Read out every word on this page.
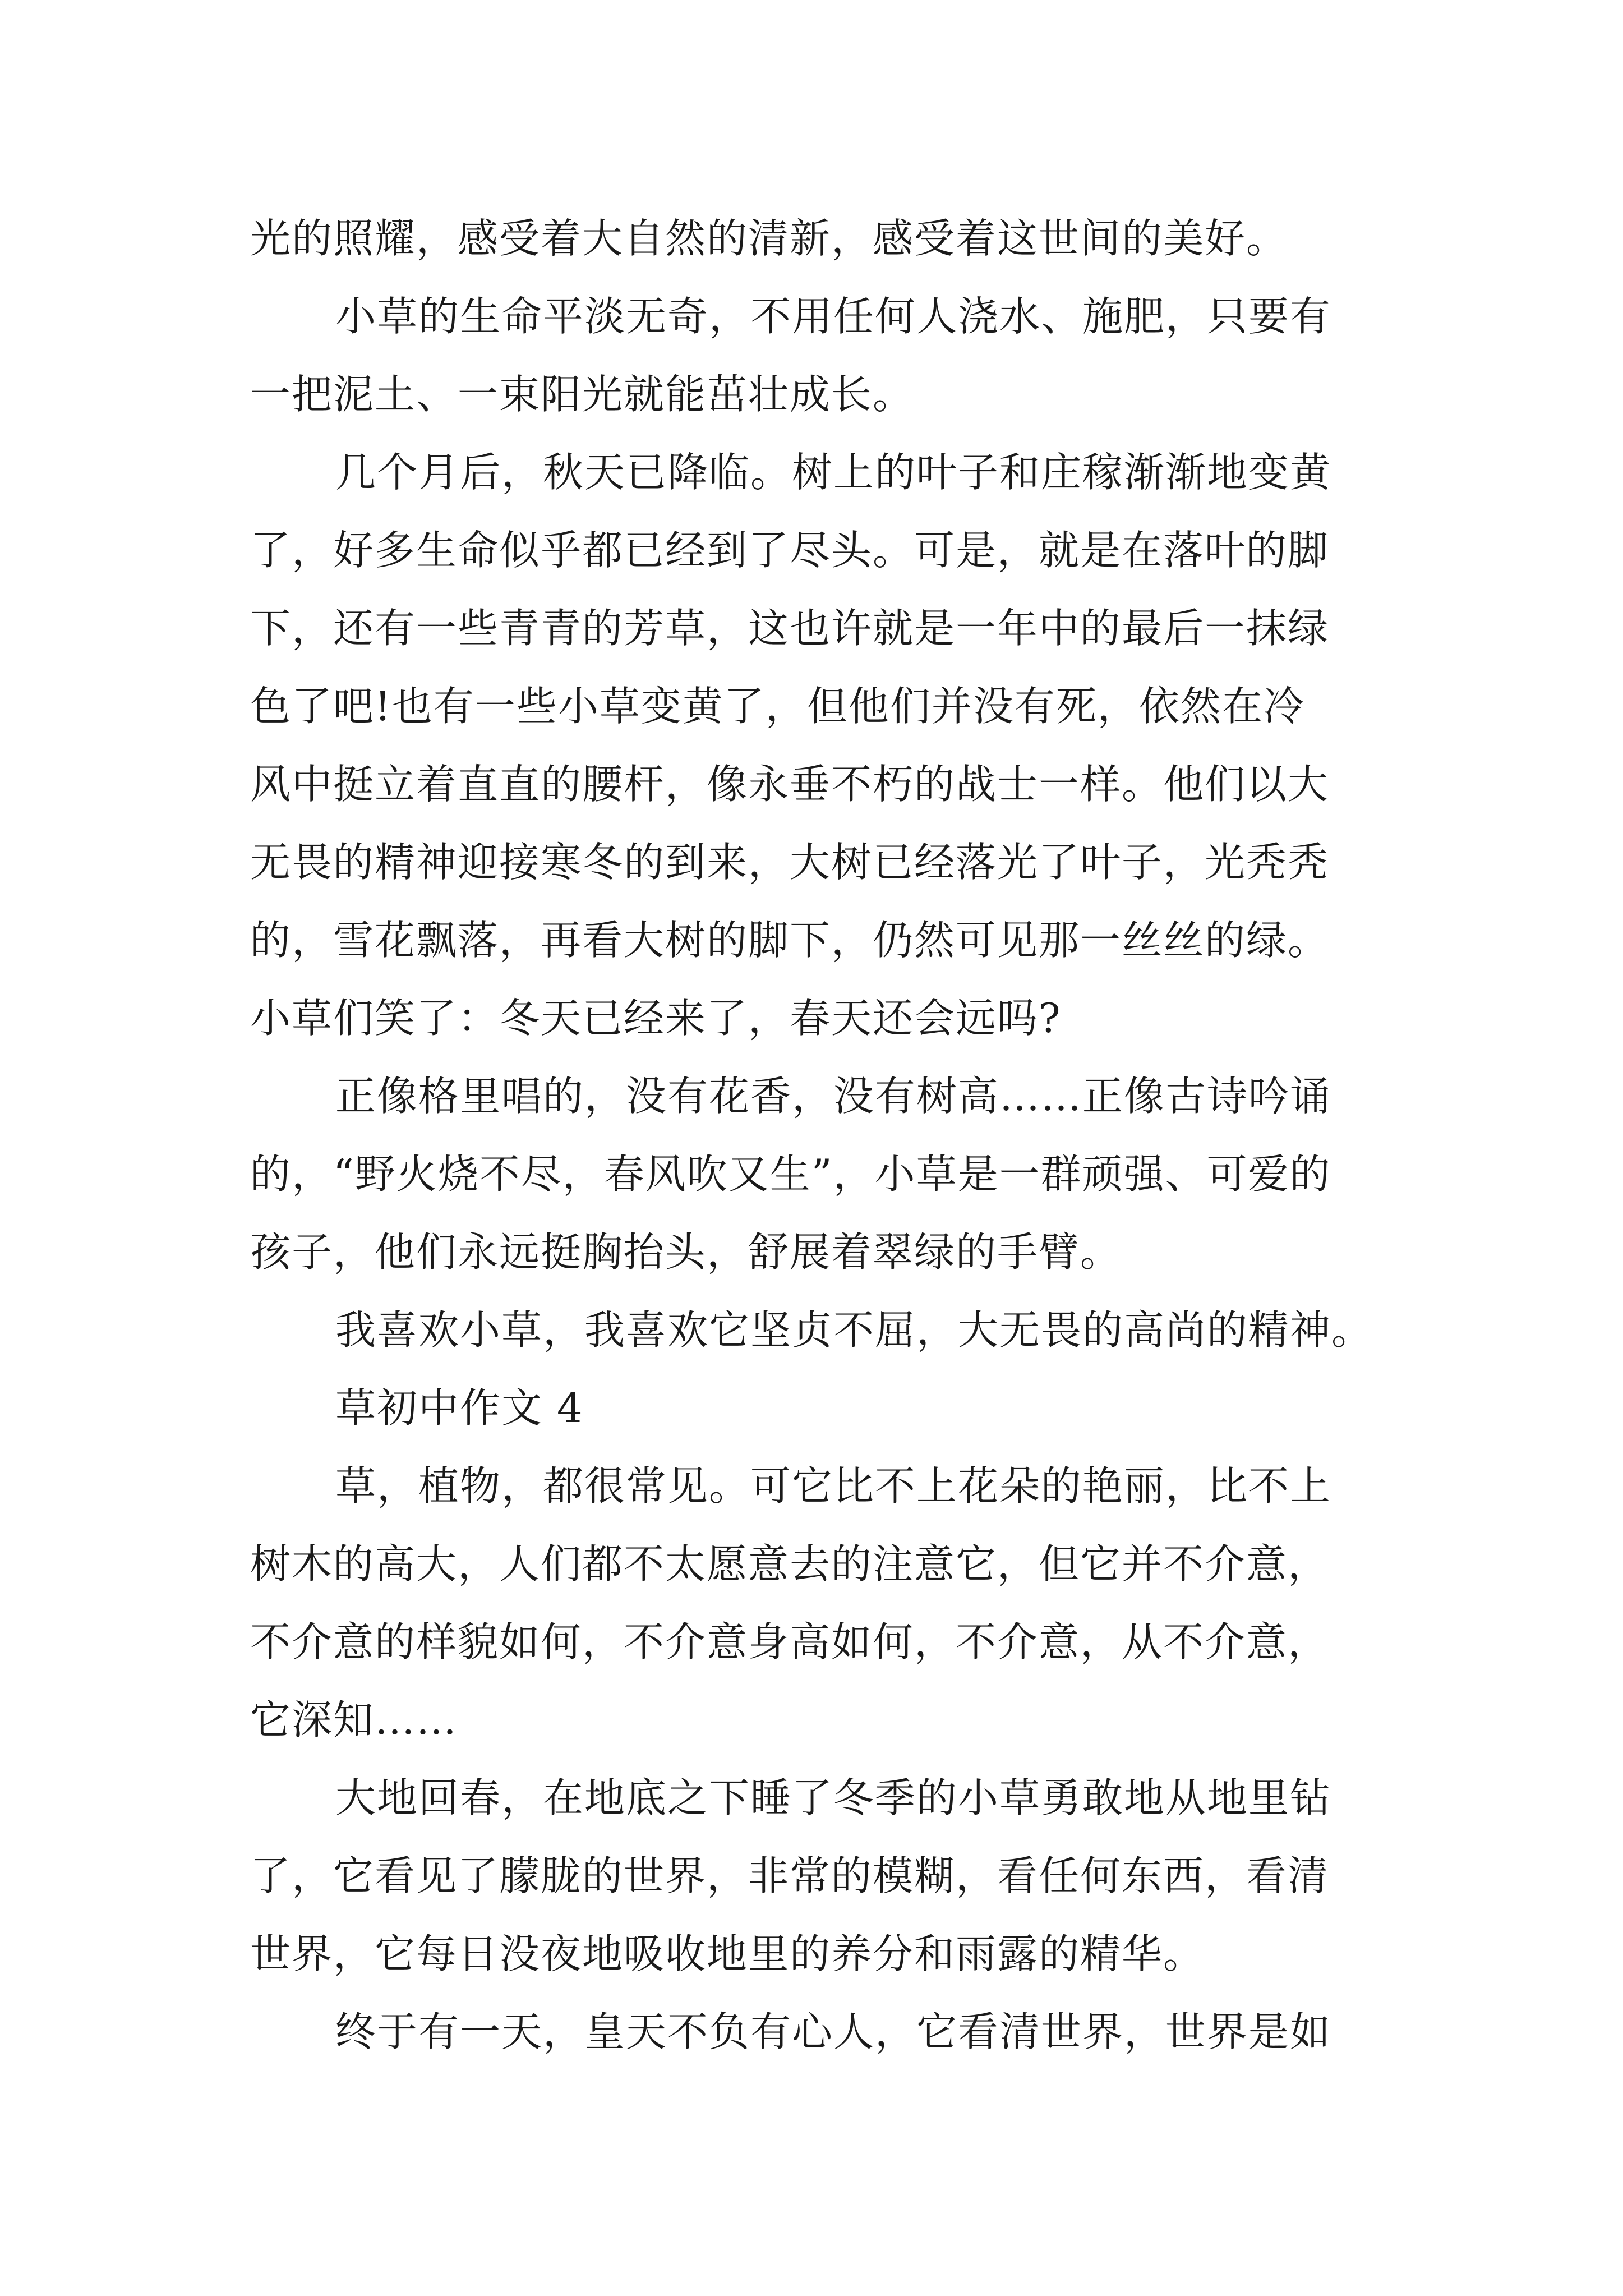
光的照耀，感受着大自然的清新，感受着这世间的美好。
小草的生命平淡无奇，不用任何人浇水、施肥，只要有
一把泥土、一束阳光就能茁壮成长。
几个月后，秋天已降临。树上的叶子和庄稼渐渐地变黄
了，好多生命似乎都已经到了尽头。可是，就是在落叶的脚
下，还有一些青青的芳草，这也许就是一年中的最后一抹绿
色了吧!也有一些小草变黄了，但他们并没有死，依然在冷
风中挺立着直直的腰杆，像永垂不朽的战士一样。他们以大
无畏的精神迎接寒冬的到来，大树已经落光了叶子，光秃秃
的，雪花飘落，再看大树的脚下，仍然可见那一丝丝的绿。
小草们笑了：冬天已经来了，春天还会远吗?
正像格里唱的，没有花香，没有树高……正像古诗吟诵
的，“野火烧不尽，春风吹又生”，小草是一群顽强、可爱的
孩子，他们永远挺胸抬头，舒展着翠绿的手臂。
我喜欢小草，我喜欢它坚贞不屈，大无畏的高尚的精神。
草初中作文 4
草，植物，都很常见。可它比不上花朵的艳丽，比不上
树木的高大，人们都不太愿意去的注意它，但它并不介意，
不介意的样貌如何，不介意身高如何，不介意，从不介意，
它深知……
大地回春，在地底之下睡了冬季的小草勇敢地从地里钻
了，它看见了朦胧的世界，非常的模糊，看任何东西，看清
世界，它每日没夜地吸收地里的养分和雨露的精华。
终于有一天，皇天不负有心人，它看清世界，世界是如
